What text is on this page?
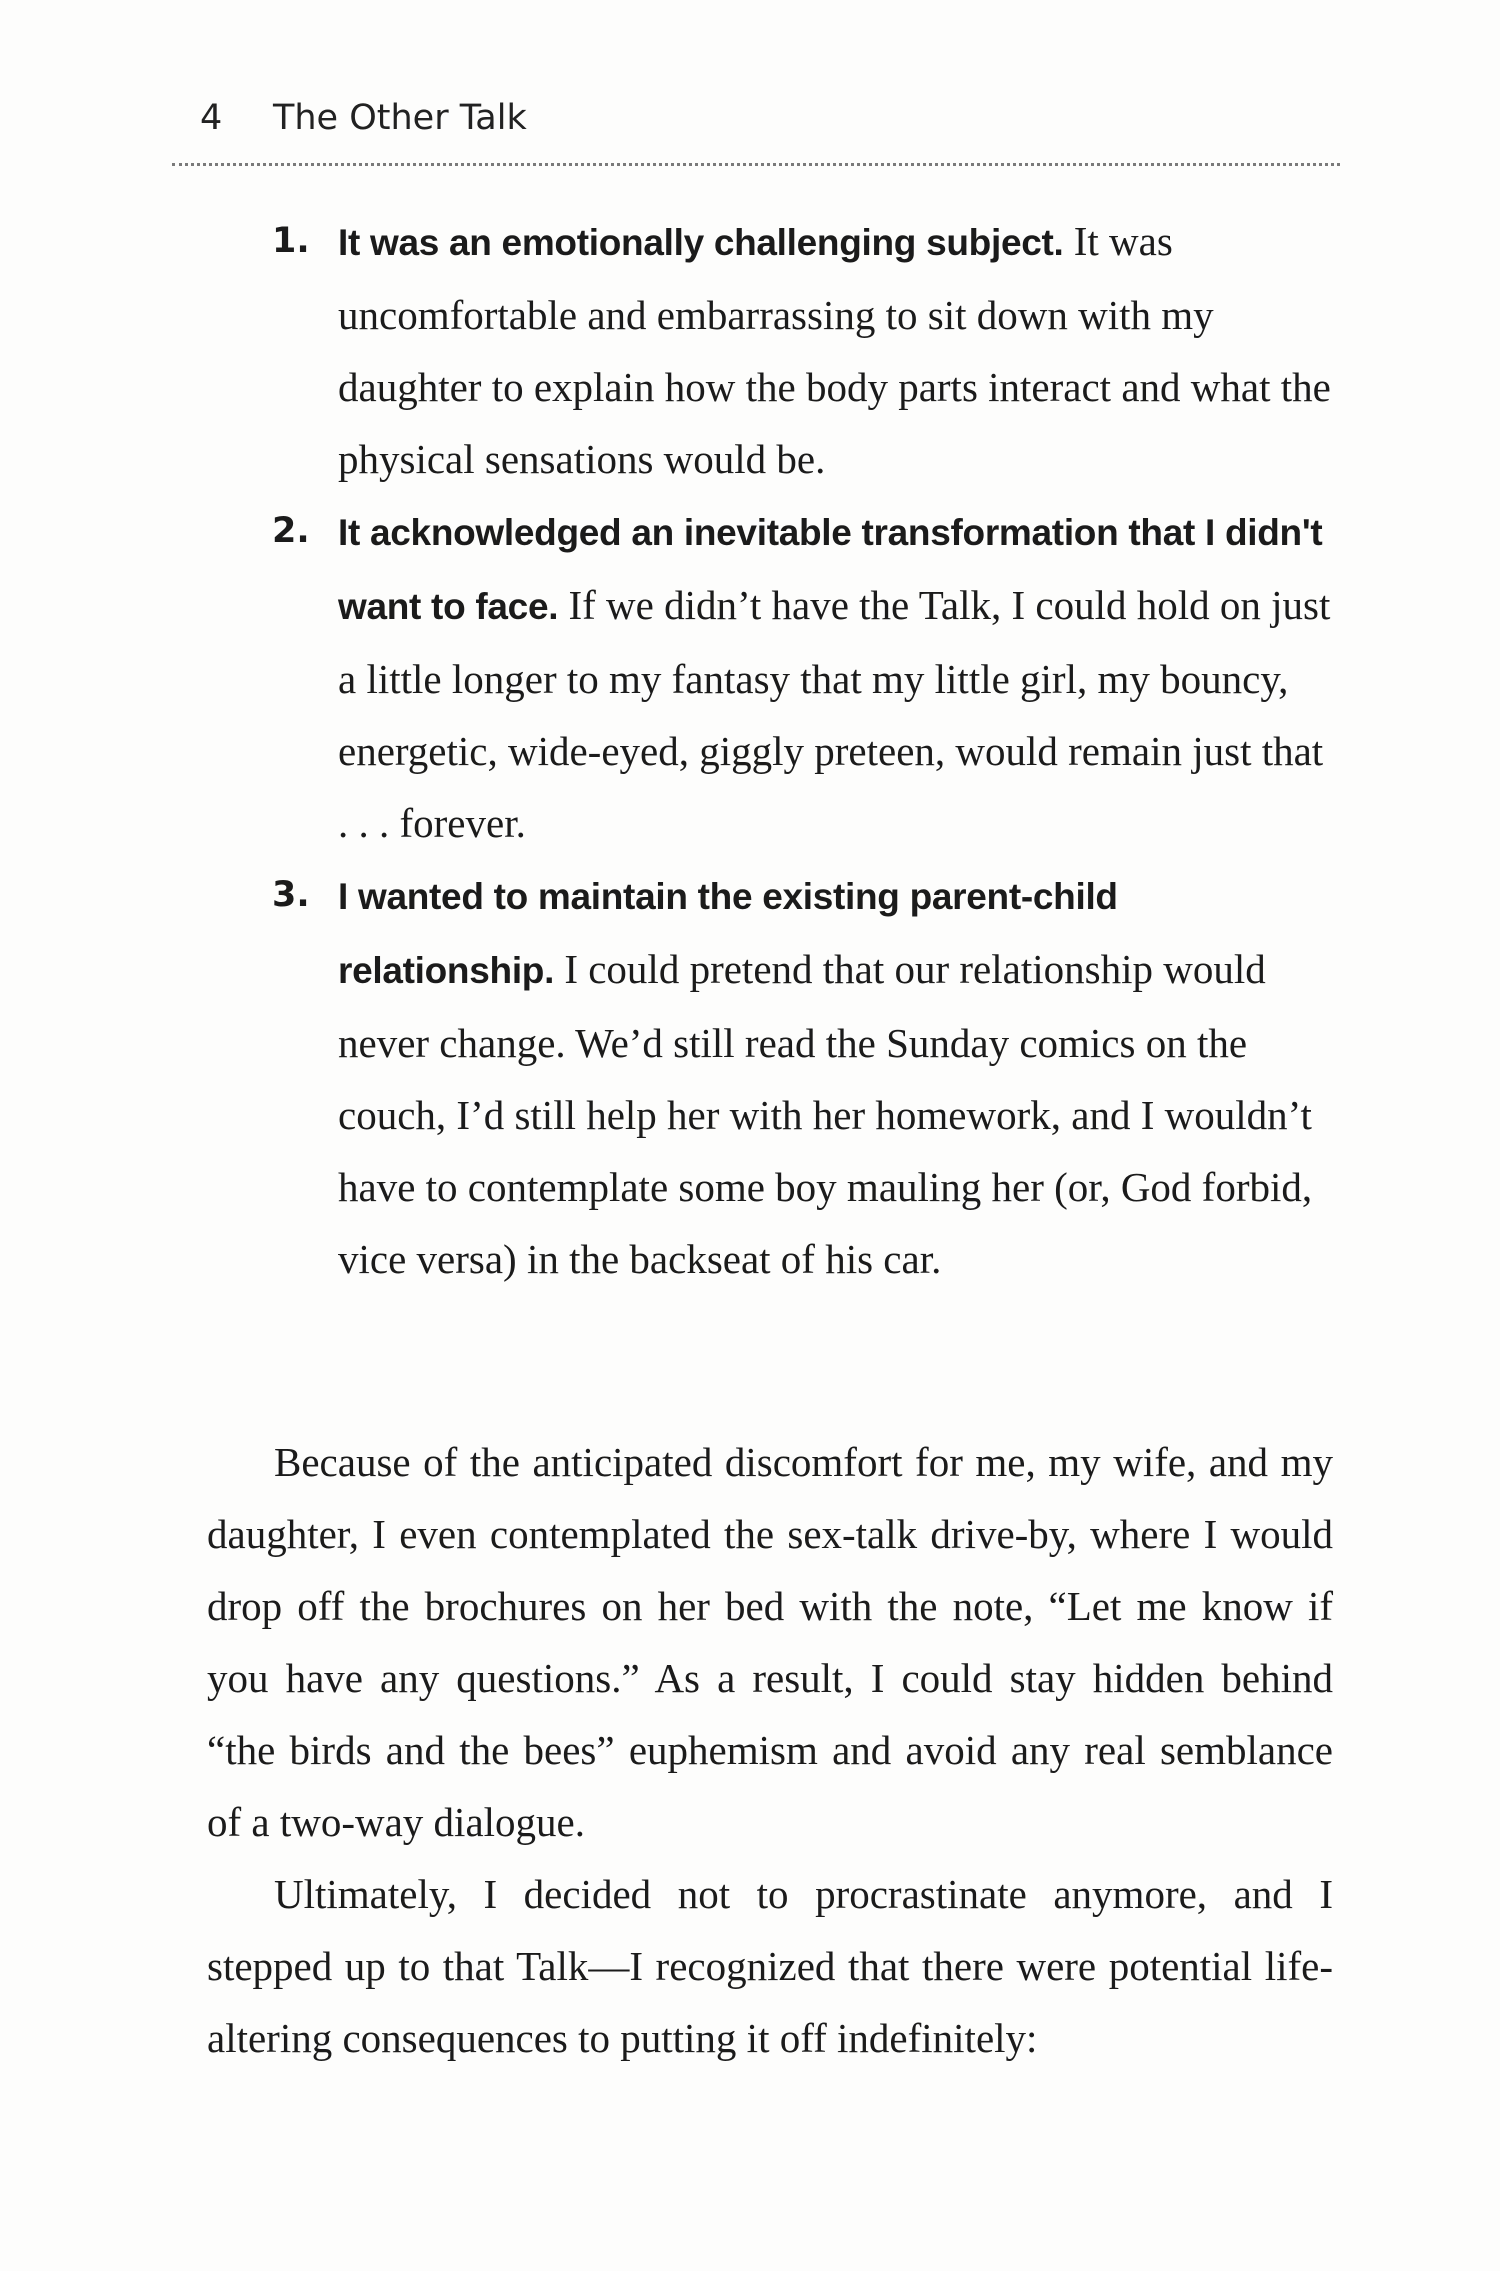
4 The Other Talk
1. It was an emotionally challenging subject. It was uncomfortable and embarrassing to sit down with my daughter to explain how the body parts interact and what the physical sensations would be.
2. It acknowledged an inevitable transformation that I didn't want to face. If we didn’t have the Talk, I could hold on just a little longer to my fantasy that my little girl, my bouncy, energetic, wide-eyed, giggly preteen, would remain just that . . . forever.
3. I wanted to maintain the existing parent-child relationship. I could pretend that our relationship would never change. We’d still read the Sunday comics on the couch, I’d still help her with her homework, and I wouldn’t have to contemplate some boy mauling her (or, God forbid, vice versa) in the backseat of his car.

Because of the anticipated discomfort for me, my wife, and my daughter, I even contemplated the sex-talk drive-by, where I would drop off the brochures on her bed with the note, “Let me know if you have any questions.” As a result, I could stay hidden behind “the birds and the bees” euphemism and avoid any real semblance of a two-way dialogue.

Ultimately, I decided not to procrastinate anymore, and I stepped up to that Talk—I recognized that there were potential life-altering consequences to putting it off indefinitely:
